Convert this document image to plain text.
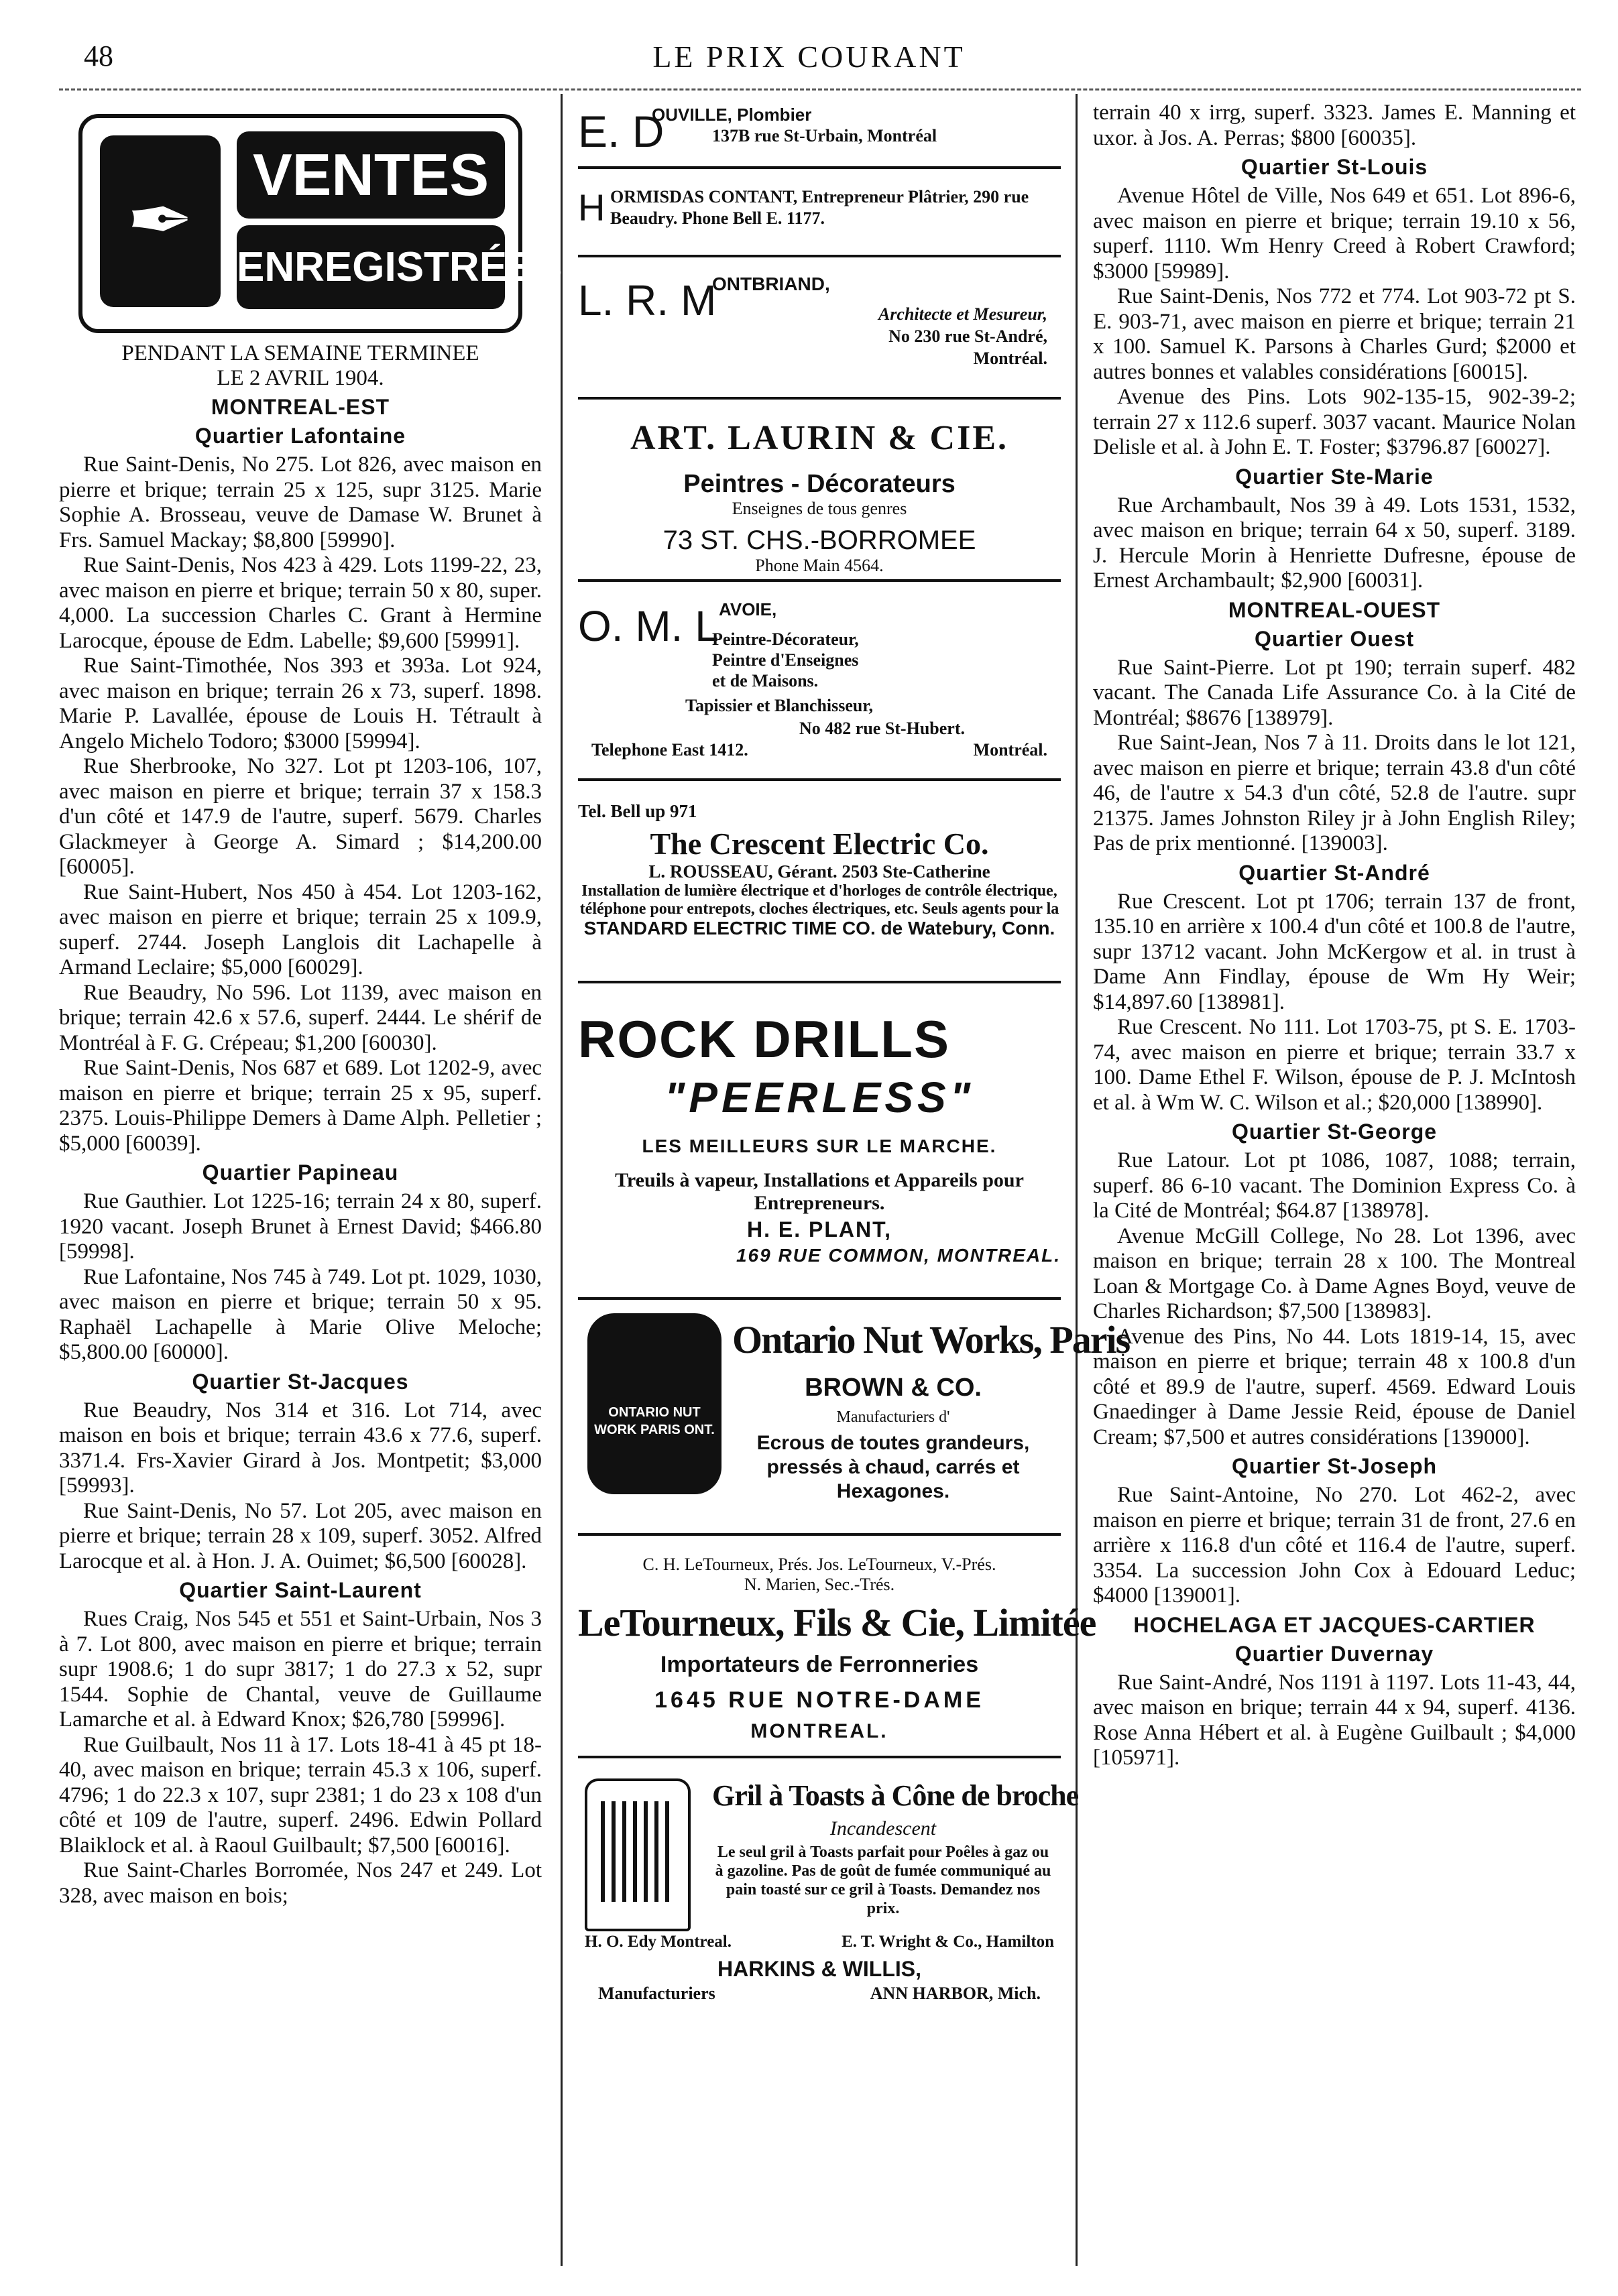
48	LE PRIX COURANT
✒
VENTES
ENREGISTRÉES

PENDANT LA SEMAINE TERMINEE

LE 2 AVRIL 1904.

MONTREAL-EST
Quartier Lafontaine

Rue Saint-Denis, No 275. Lot 826, avec maison en pierre et brique; terrain 25 x 125, supr 3125. Marie Sophie A. Brosseau, veuve de Damase W. Brunet à Frs. Samuel Mackay; $8,800 [59990].

Rue Saint-Denis, Nos 423 à 429. Lots 1199-22, 23, avec maison en pierre et brique; terrain 50 x 80, super. 4,000. La succession Charles C. Grant à Hermine Larocque, épouse de Edm. Labelle; $9,600 [59991].

Rue Saint-Timothée, Nos 393 et 393a. Lot 924, avec maison en brique; terrain 26 x 73, superf. 1898. Marie P. Lavallée, épouse de Louis H. Tétrault à Angelo Michelo Todoro; $3000 [59994].

Rue Sherbrooke, No 327. Lot pt 1203-106, 107, avec maison en pierre et brique; terrain 37 x 158.3 d'un côté et 147.9 de l'autre, superf. 5679. Charles Glackmeyer à George A. Simard ; $14,200.00 [60005].

Rue Saint-Hubert, Nos 450 à 454. Lot 1203-162, avec maison en pierre et brique; terrain 25 x 109.9, superf. 2744. Joseph Langlois dit Lachapelle à Armand Leclaire; $5,000 [60029].

Rue Beaudry, No 596. Lot 1139, avec maison en brique; terrain 42.6 x 57.6, superf. 2444. Le shérif de Montréal à F. G. Crépeau; $1,200 [60030].

Rue Saint-Denis, Nos 687 et 689. Lot 1202-9, avec maison en pierre et brique; terrain 25 x 95, superf. 2375. Louis-Philippe Demers à Dame Alph. Pelletier ; $5,000 [60039].

Quartier Papineau

Rue Gauthier. Lot 1225-16; terrain 24 x 80, superf. 1920 vacant. Joseph Brunet à Ernest David; $466.80 [59998].

Rue Lafontaine, Nos 745 à 749. Lot pt. 1029, 1030, avec maison en pierre et brique; terrain 50 x 95. Raphaël Lachapelle à Marie Olive Meloche; $5,800.00 [60000].

Quartier St-Jacques

Rue Beaudry, Nos 314 et 316. Lot 714, avec maison en bois et brique; terrain 43.6 x 77.6, superf. 3371.4. Frs-Xavier Girard à Jos. Montpetit; $3,000 [59993].

Rue Saint-Denis, No 57. Lot 205, avec maison en pierre et brique; terrain 28 x 109, superf. 3052. Alfred Larocque et al. à Hon. J. A. Ouimet; $6,500 [60028].

Quartier Saint-Laurent

Rues Craig, Nos 545 et 551 et Saint-Urbain, Nos 3 à 7. Lot 800, avec maison en pierre et brique; terrain supr 1908.6; 1 do supr 3817; 1 do 27.3 x 52, supr 1544. Sophie de Chantal, veuve de Guillaume Lamarche et al. à Edward Knox; $26,780 [59996].

Rue Guilbault, Nos 11 à 17. Lots 18-41 à 45 pt 18-40, avec maison en brique; terrain 45.3 x 106, superf. 4796; 1 do 22.3 x 107, supr 2381; 1 do 23 x 108 d'un côté et 109 de l'autre, superf. 2496. Edwin Pollard Blaiklock et al. à Raoul Guilbault; $7,500 [60016].

Rue Saint-Charles Borromée, Nos 247 et 249. Lot 328, avec maison en bois;

E. D
OUVILLE, Plombier
137B rue St-Urbain, Montréal
H ORMISDAS CONTANT, Entrepreneur Plâtrier, 290 rue Beaudry. Phone Bell E. 1177.
L. R. M
ONTBRIAND,
Architecte et Mesureur,
No 230 rue St-André,
Montréal.
ART. LAURIN & CIE.
Peintres - Décorateurs
Enseignes de tous genres
73 ST. CHS.-BORROMEE
Phone Main 4564.
O. M. L AVOIE,
Peintre-Décorateur,
Peintre d'Enseignes
et de Maisons.
Tapissier et Blanchisseur,
No 482 rue St-Hubert.
Telephone East 1412.	Montréal.
Tel. Bell up 971
The Crescent Electric Co.
L. ROUSSEAU, Gérant. 2503 Ste-Catherine
Installation de lumière électrique et d'horloges de contrôle électrique, téléphone pour entrepots, cloches électriques, etc. Seuls agents pour la
STANDARD ELECTRIC TIME CO. de Watebury, Conn.
ROCK DRILLS
"PEERLESS"
LES MEILLEURS SUR LE MARCHE.
Treuils à vapeur, Installations et Appareils pour Entrepreneurs.
H. E. PLANT,
169 RUE COMMON, MONTREAL.
ONTARIO NUT WORK PARIS ONT.
Ontario Nut Works, Paris
BROWN & CO.
Manufacturiers d'
Ecrous de toutes grandeurs, pressés à chaud, carrés et Hexagones.
C. H. LeTourneux, Prés. Jos. LeTourneux, V.-Prés.
N. Marien, Sec.-Trés.
LeTourneux, Fils & Cie, Limitée
Importateurs de Ferronneries
1645 RUE NOTRE-DAME
MONTREAL.
Gril à Toasts à Cône de broche
Incandescent
Le seul gril à Toasts parfait pour Poêles à gaz ou à gazoline. Pas de goût de fumée communiqué au pain toasté sur ce gril à Toasts. Demandez nos prix.
H. O. Edy Montreal.	E. T. Wright & Co., Hamilton
HARKINS & WILLIS,
Manufacturiers	ANN HARBOR, Mich.

terrain 40 x irrg, superf. 3323. James E. Manning et uxor. à Jos. A. Perras; $800 [60035].

Quartier St-Louis

Avenue Hôtel de Ville, Nos 649 et 651. Lot 896-6, avec maison en pierre et brique; terrain 19.10 x 56, superf. 1110. Wm Henry Creed à Robert Crawford; $3000 [59989].

Rue Saint-Denis, Nos 772 et 774. Lot 903-72 pt S. E. 903-71, avec maison en pierre et brique; terrain 21 x 100. Samuel K. Parsons à Charles Gurd; $2000 et autres bonnes et valables considérations [60015].

Avenue des Pins. Lots 902-135-15, 902-39-2; terrain 27 x 112.6 superf. 3037 vacant. Maurice Nolan Delisle et al. à John E. T. Foster; $3796.87 [60027].

Quartier Ste-Marie

Rue Archambault, Nos 39 à 49. Lots 1531, 1532, avec maison en brique; terrain 64 x 50, superf. 3189. J. Hercule Morin à Henriette Dufresne, épouse de Ernest Archambault; $2,900 [60031].

MONTREAL-OUEST
Quartier Ouest

Rue Saint-Pierre. Lot pt 190; terrain superf. 482 vacant. The Canada Life Assurance Co. à la Cité de Montréal; $8676 [138979].

Rue Saint-Jean, Nos 7 à 11. Droits dans le lot 121, avec maison en pierre et brique; terrain 43.8 d'un côté 46, de l'autre x 54.3 d'un côté, 52.8 de l'autre. supr 21375. James Johnston Riley jr à John English Riley; Pas de prix mentionné. [139003].

Quartier St-André

Rue Crescent. Lot pt 1706; terrain 137 de front, 135.10 en arrière x 100.4 d'un côté et 100.8 de l'autre, supr 13712 vacant. John McKergow et al. in trust à Dame Ann Findlay, épouse de Wm Hy Weir; $14,897.60 [138981].

Rue Crescent. No 111. Lot 1703-75, pt S. E. 1703-74, avec maison en pierre et brique; terrain 33.7 x 100. Dame Ethel F. Wilson, épouse de P. J. McIntosh et al. à Wm W. C. Wilson et al.; $20,000 [138990].

Quartier St-George

Rue Latour. Lot pt 1086, 1087, 1088; terrain, superf. 86 6-10 vacant. The Dominion Express Co. à la Cité de Montréal; $64.87 [138978].

Avenue McGill College, No 28. Lot 1396, avec maison en brique; terrain 28 x 100. The Montreal Loan & Mortgage Co. à Dame Agnes Boyd, veuve de Charles Richardson; $7,500 [138983].

Avenue des Pins, No 44. Lots 1819-14, 15, avec maison en pierre et brique; terrain 48 x 100.8 d'un côté et 89.9 de l'autre, superf. 4569. Edward Louis Gnaedinger à Dame Jessie Reid, épouse de Daniel Cream; $7,500 et autres considérations [139000].

Quartier St-Joseph

Rue Saint-Antoine, No 270. Lot 462-2, avec maison en pierre et brique; terrain 31 de front, 27.6 en arrière x 116.8 d'un côté et 116.4 de l'autre, superf. 3354. La succession John Cox à Edouard Leduc; $4000 [139001].

HOCHELAGA ET JACQUES-CARTIER
Quartier Duvernay

Rue Saint-André, Nos 1191 à 1197. Lots 11-43, 44, avec maison en brique; terrain 44 x 94, superf. 4136. Rose Anna Hébert et al. à Eugène Guilbault ; $4,000 [105971].
